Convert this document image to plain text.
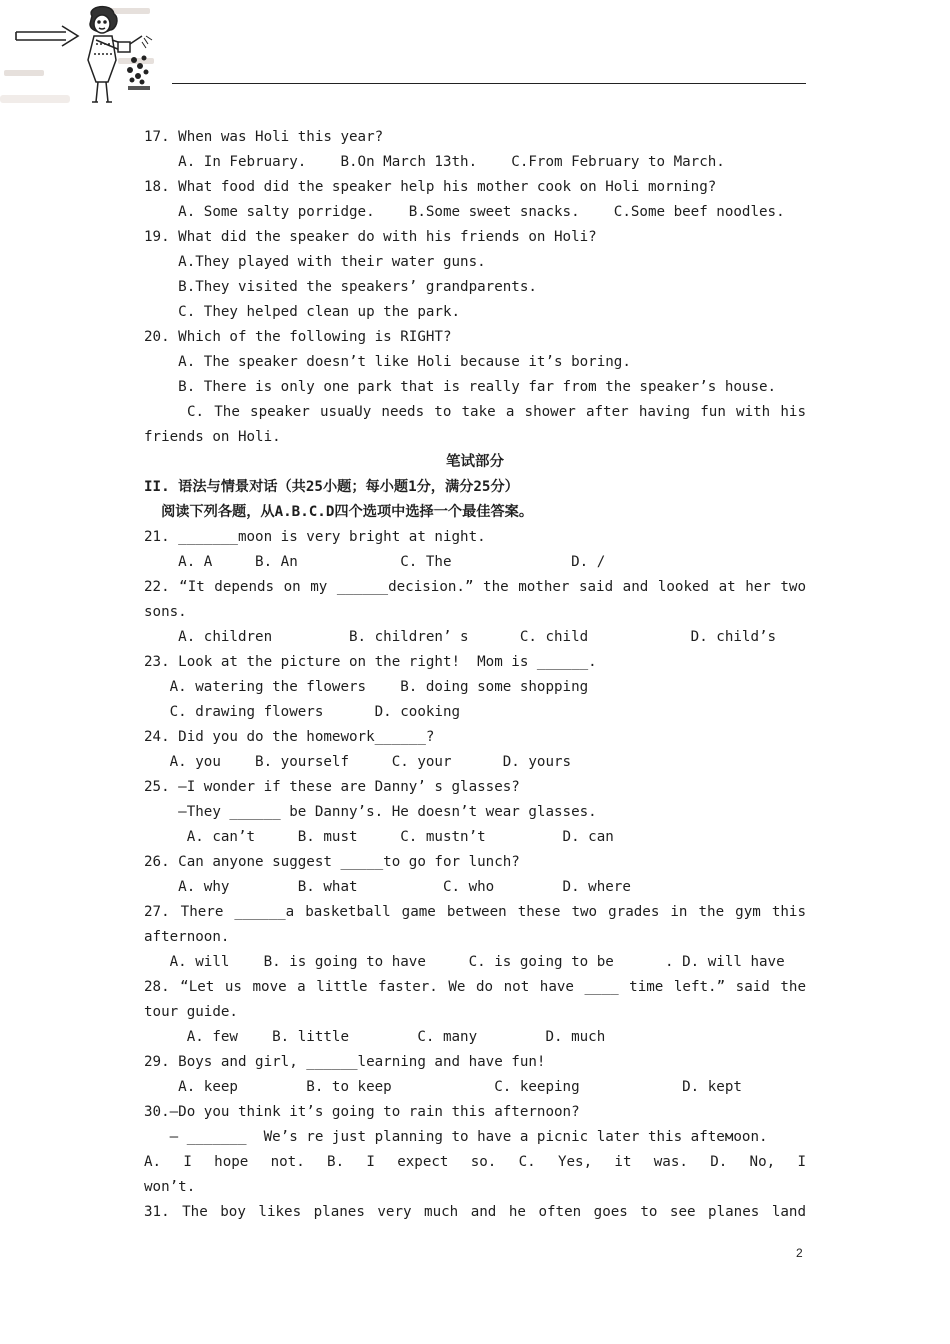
17. When was Holi this year?
A. In February.    B.On March 13th.    C.From February to March.
18. What food did the speaker help his mother cook on Holi morning?
A. Some salty porridge.    B.Some sweet snacks.    C.Some beef noodles.
19. What did the speaker do with his friends on Holi?
A.They played with their water guns.
B.They visited the speakers’ grandparents.
C. They helped clean up the park.
20. Which of the following is RIGHT?
A. The speaker doesn’t like Holi because it’s boring.
B. There is only one park that is really far from the speaker’s house.
C. The speaker usuaUy needs to take a shower after having fun with his
friends on Holi.
笔试部分
II. 语法与情景对话（共25小题；每小题1分，满分25分）
阅读下列各题，从A.B.C.D四个选项中选择一个最佳答案。
21. _______moon is very bright at night.
A. A     B. An            C. The              D. /
22. “It depends on my ______decision.” the mother said and looked at her two
sons.
A. children         B. children’ s      C. child            D. child’s
23. Look at the picture on the right!  Mom is ______.
A. watering the flowers    B. doing some shopping
C. drawing flowers      D. cooking
24. Did you do the homework______?
A. you    B. yourself     C. your      D. yours
25. —I wonder if these are Danny’ s glasses?
—They ______ be Danny’s. He doesn’t wear glasses.
A. can’t     B. must     C. mustn’t         D. can
26. Can anyone suggest _____to go for lunch?
A. why        B. what          C. who        D. where
27. There ______a basketball game between these two grades in the gym this
afternoon.
A. will    B. is going to have     C. is going to be      . D. will have
28. “Let us move a little faster. We do not have ____ time left.” said the
tour guide.
A. few    B. little        C. many        D. much
29. Boys and girl, ______learning and have fun!
A. keep        B. to keep            C. keeping            D. kept
30.—Do you think it’s going to rain this afternoon?
— _______  We’s re just planning to have a picnic later this afteмoon.
A. I hope not. B. I expect so. C. Yes, it was. D. No, I
won’t.
31. The boy likes planes very much and he often goes to see planes land
2
